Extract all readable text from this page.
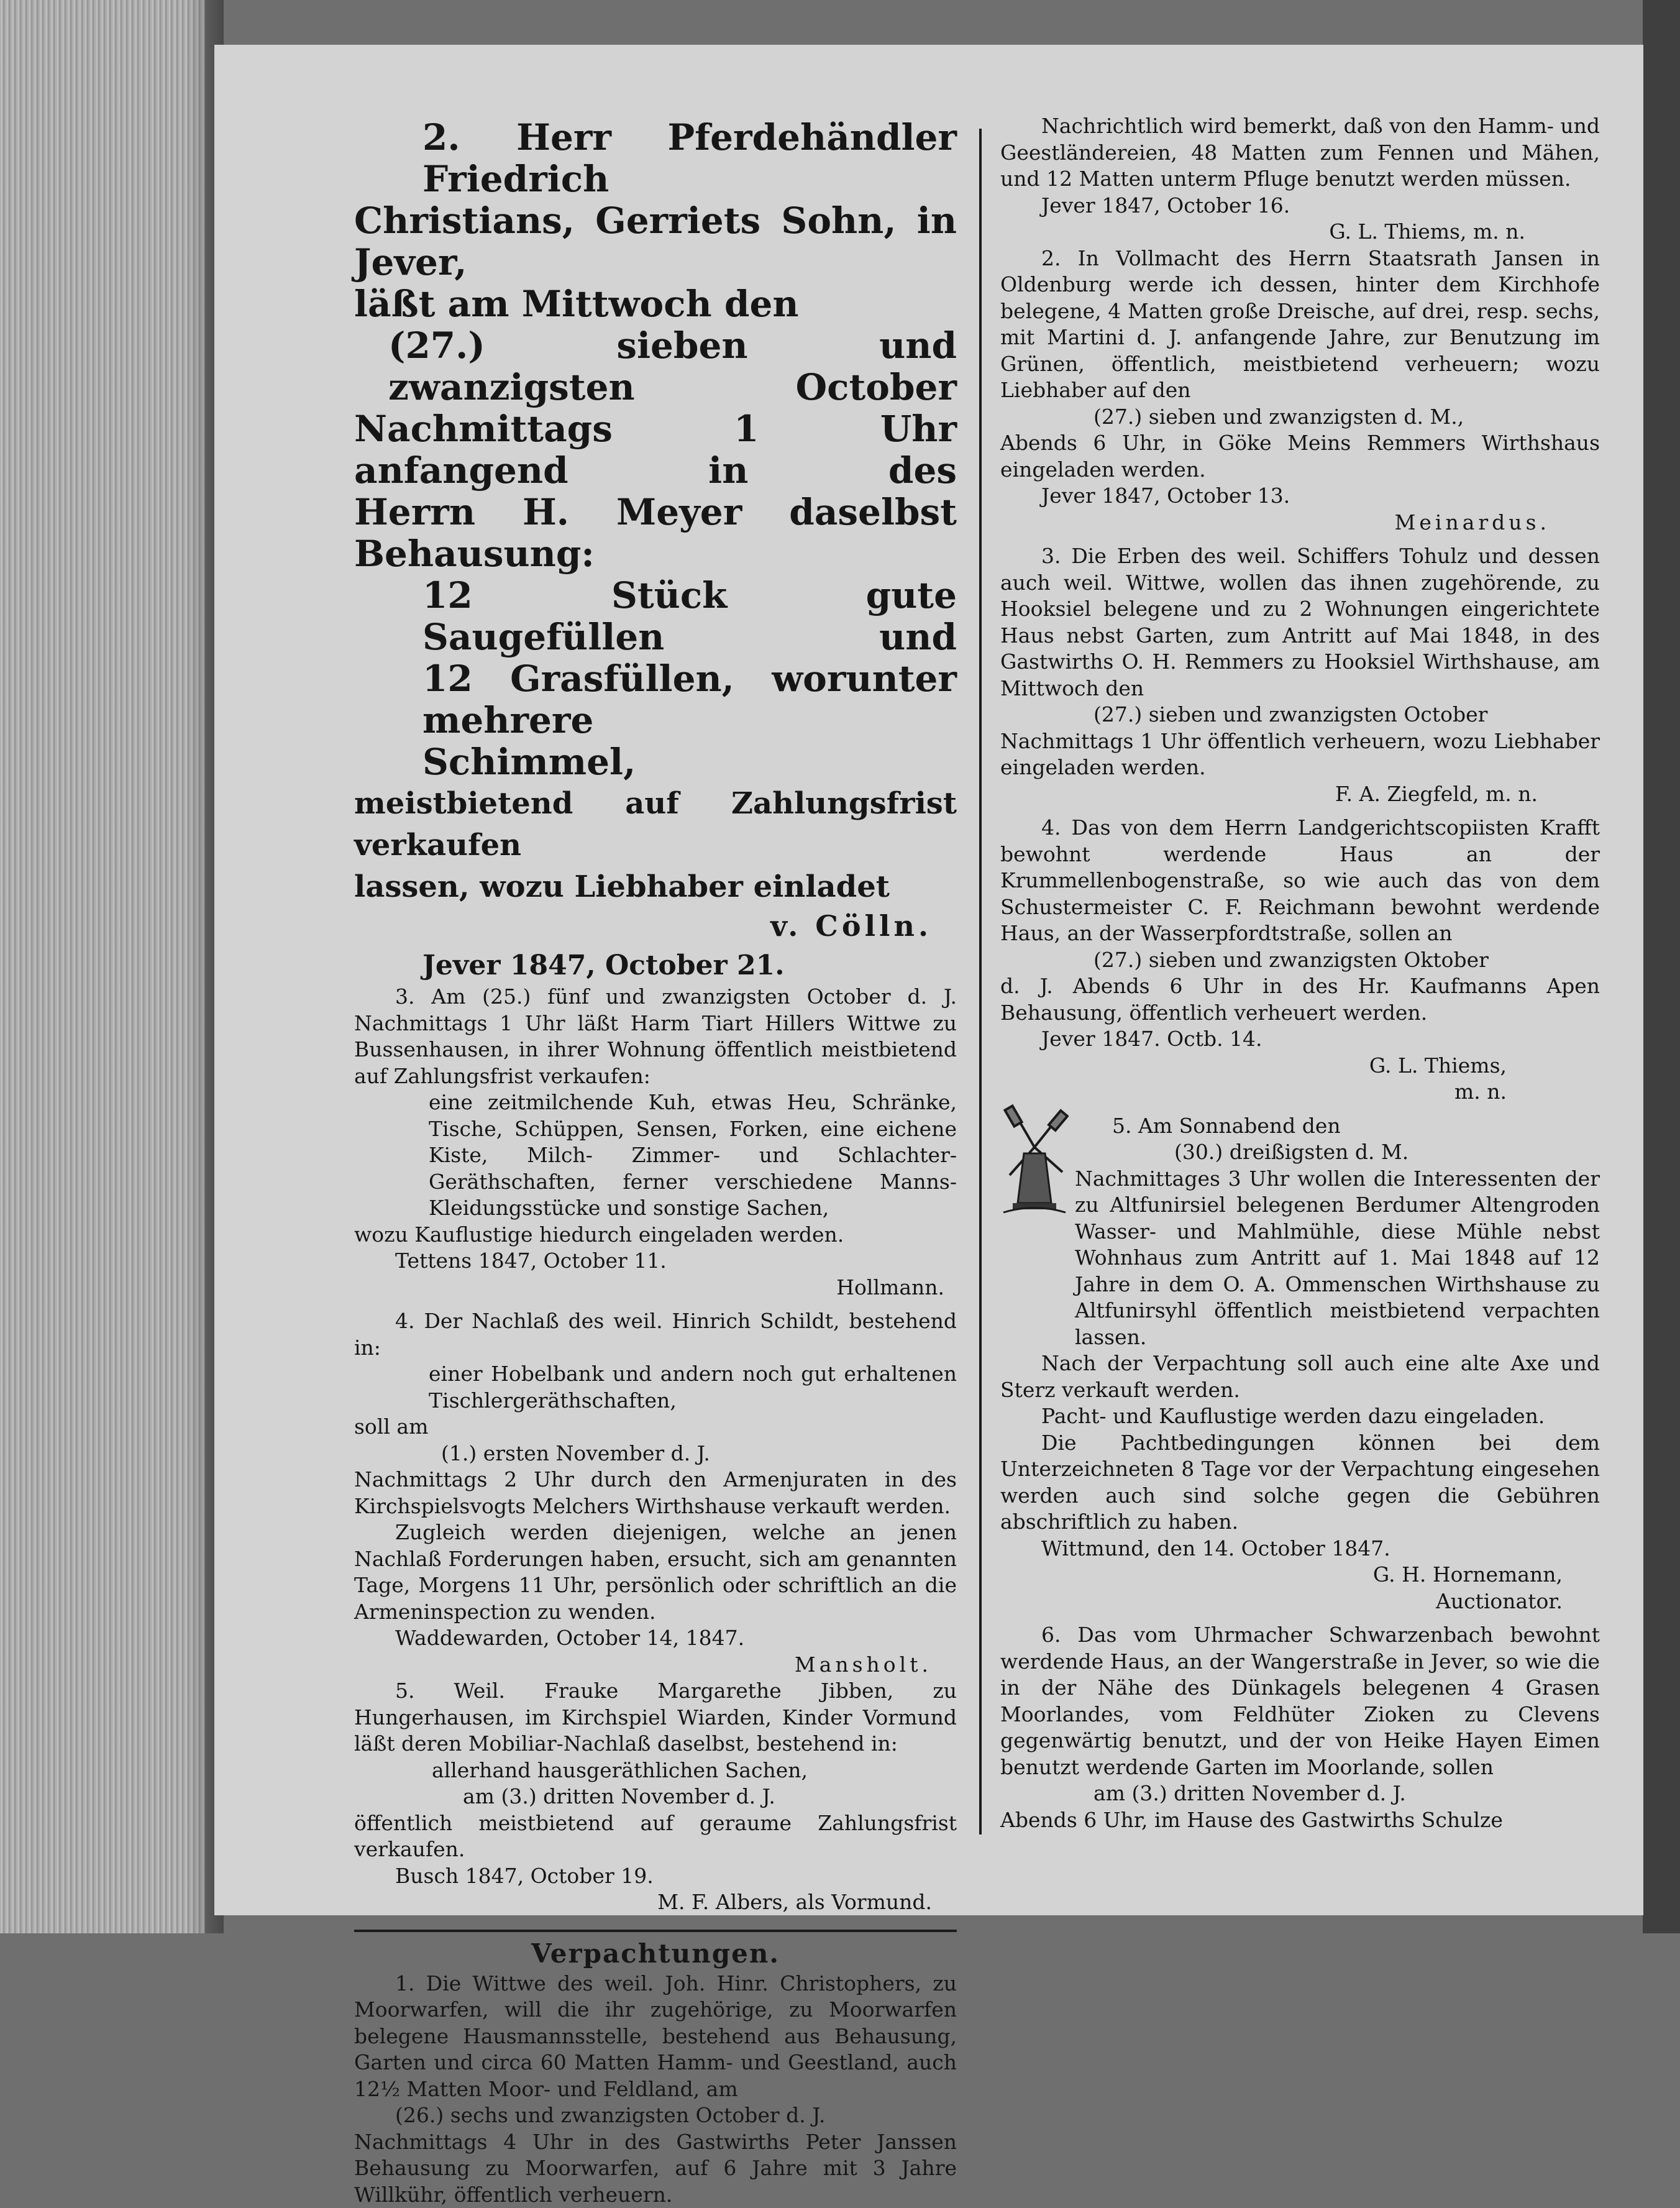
2. Herr Pferdehändler Friedrich
Christians, Gerriets Sohn, in Jever,
läßt am Mittwoch den
(27.) sieben und zwanzigsten October
Nachmittags 1 Uhr anfangend in des
Herrn H. Meyer daselbst Behausung:
12 Stück gute Saugefüllen und
12 Grasfüllen, worunter mehrere
Schimmel,
meistbietend auf Zahlungsfrist verkaufen
lassen, wozu Liebhaber einladet

v. Cölln.

Jever 1847, October 21.

3. Am (25.) fünf und zwanzigsten October d. J. Nachmittags 1 Uhr läßt Harm Tiart Hillers Wittwe zu Bussenhausen, in ihrer Wohnung öffentlich meistbietend auf Zahlungsfrist verkaufen:

eine zeitmilchende Kuh, etwas Heu, Schränke, Tische, Schüppen, Sensen, Forken, eine eichene Kiste, Milch- Zimmer- und Schlachter-Geräthschaften, ferner verschiedene Manns-Kleidungsstücke und sonstige Sachen,

wozu Kauflustige hiedurch eingeladen werden.

Tettens 1847, October 11.

Hollmann.

4. Der Nachlaß des weil. Hinrich Schildt, bestehend in:

einer Hobelbank und andern noch gut erhaltenen Tischlergeräthschaften,

soll am

(1.) ersten November d. J.

Nachmittags 2 Uhr durch den Armenjuraten in des Kirchspielsvogts Melchers Wirthshause verkauft werden.

Zugleich werden diejenigen, welche an jenen Nachlaß Forderungen haben, ersucht, sich am genannten Tage, Morgens 11 Uhr, persönlich oder schriftlich an die Armeninspection zu wenden.

Waddewarden, October 14, 1847.

Mansholt.

5. Weil. Frauke Margarethe Jibben, zu Hungerhausen, im Kirchspiel Wiarden, Kinder Vormund läßt deren Mobiliar-Nachlaß daselbst, bestehend in:

allerhand hausgeräthlichen Sachen,

am (3.) dritten November d. J.

öffentlich meistbietend auf geraume Zahlungsfrist verkaufen.

Busch 1847, October 19.

M. F. Albers, als Vormund.

Verpachtungen.

1. Die Wittwe des weil. Joh. Hinr. Christophers, zu Moorwarfen, will die ihr zugehörige, zu Moorwarfen belegene Hausmannsstelle, bestehend aus Behausung, Garten und circa 60 Matten Hamm- und Geestland, auch 12½ Matten Moor- und Feldland, am

(26.) sechs und zwanzigsten October d. J.

Nachmittags 4 Uhr in des Gastwirths Peter Janssen Behausung zu Moorwarfen, auf 6 Jahre mit 3 Jahre Willkühr, öffentlich verheuern.

Nachrichtlich wird bemerkt, daß von den Hamm- und Geestländereien, 48 Matten zum Fennen und Mähen, und 12 Matten unterm Pfluge benutzt werden müssen.

Jever 1847, October 16.

G. L. Thiems, m. n.

2. In Vollmacht des Herrn Staatsrath Jansen in Oldenburg werde ich dessen, hinter dem Kirchhofe belegene, 4 Matten große Dreische, auf drei, resp. sechs, mit Martini d. J. anfangende Jahre, zur Benutzung im Grünen, öffentlich, meistbietend verheuern; wozu Liebhaber auf den

(27.) sieben und zwanzigsten d. M.,

Abends 6 Uhr, in Göke Meins Remmers Wirthshaus eingeladen werden.

Jever 1847, October 13.

Meinardus.

3. Die Erben des weil. Schiffers Tohulz und dessen auch weil. Wittwe, wollen das ihnen zugehörende, zu Hooksiel belegene und zu 2 Wohnungen eingerichtete Haus nebst Garten, zum Antritt auf Mai 1848, in des Gastwirths O. H. Remmers zu Hooksiel Wirthshause, am Mittwoch den

(27.) sieben und zwanzigsten October

Nachmittags 1 Uhr öffentlich verheuern, wozu Liebhaber eingeladen werden.

F. A. Ziegfeld, m. n.

4. Das von dem Herrn Landgerichtscopiisten Krafft bewohnt werdende Haus an der Krummellenbogenstraße, so wie auch das von dem Schustermeister C. F. Reichmann bewohnt werdende Haus, an der Wasserpfordtstraße, sollen an

(27.) sieben und zwanzigsten Oktober

d. J. Abends 6 Uhr in des Hr. Kaufmanns Apen Behausung, öffentlich verheuert werden.

Jever 1847. Octb. 14.

G. L. Thiems,

m. n.

5. Am Sonnabend den

(30.) dreißigsten d. M.

Nachmittages 3 Uhr wollen die Interessenten der zu Altfunirsiel belegenen Berdumer Altengroden Wasser- und Mahlmühle, diese Mühle nebst Wohnhaus zum Antritt auf 1. Mai 1848 auf 12 Jahre in dem O. A. Ommenschen Wirthshause zu Altfunirsyhl öffentlich meistbietend verpachten lassen.

Nach der Verpachtung soll auch eine alte Axe und Sterz verkauft werden.

Pacht- und Kauflustige werden dazu eingeladen.

Die Pachtbedingungen können bei dem Unterzeichneten 8 Tage vor der Verpachtung eingesehen werden auch sind solche gegen die Gebühren abschriftlich zu haben.

Wittmund, den 14. October 1847.

G. H. Hornemann,

Auctionator.

6. Das vom Uhrmacher Schwarzenbach bewohnt werdende Haus, an der Wangerstraße in Jever, so wie die in der Nähe des Dünkagels belegenen 4 Grasen Moorlandes, vom Feldhüter Zioken zu Clevens gegenwärtig benutzt, und der von Heike Hayen Eimen benutzt werdende Garten im Moorlande, sollen

am (3.) dritten November d. J.

Abends 6 Uhr, im Hause des Gastwirths Schulze
